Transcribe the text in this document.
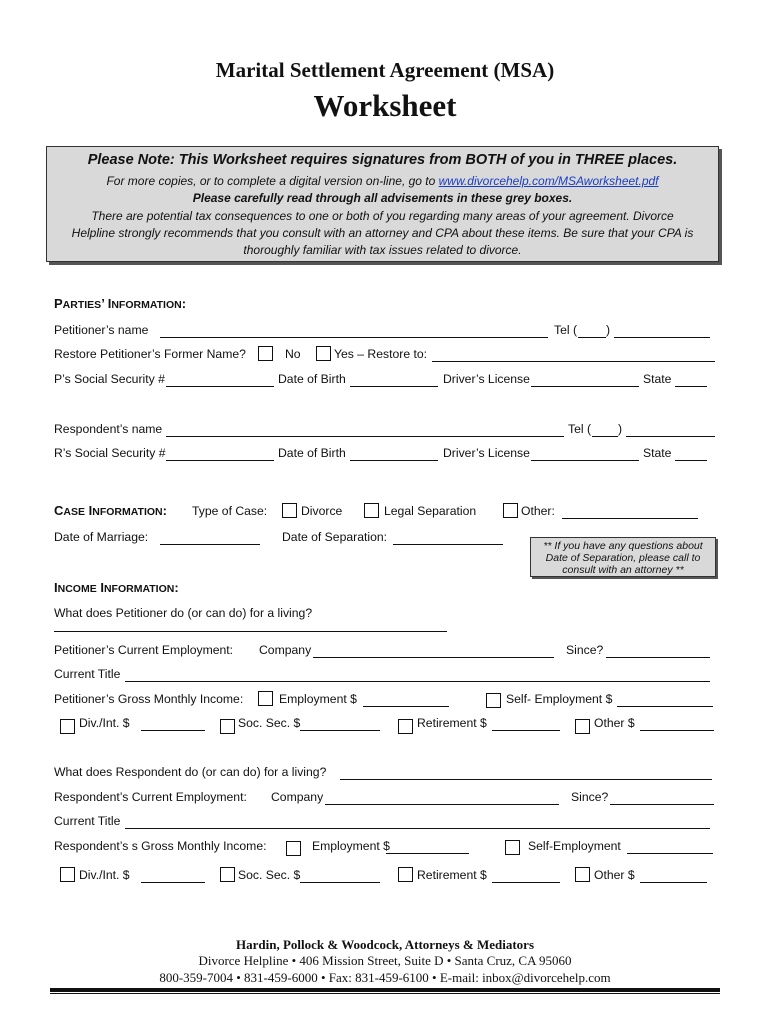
Marital Settlement Agreement (MSA)
Worksheet
Please Note: This Worksheet requires signatures from BOTH of you in THREE places.
For more copies, or to complete a digital version on-line, go to www.divorcehelp.com/MSAworksheet.pdf
Please carefully read through all advisements in these grey boxes.
There are potential tax consequences to one or both of you regarding many areas of your agreement. Divorce
Helpline strongly recommends that you consult with an attorney and CPA about these items. Be sure that your CPA is
thoroughly familiar with tax issues related to divorce.
PARTIES’ INFORMATION:
Petitioner’s name	Tel ( )
Restore Petitioner’s Former Name?	No	Yes – Restore to:
P’s Social Security #	Date of Birth	Driver’s License	State
Respondent’s name	Tel ( )
R’s Social Security #	Date of Birth	Driver’s License	State
CASE INFORMATION: Type of Case:	Divorce	Legal Separation	Other:
Date of Marriage:	Date of Separation:
** If you have any questions about Date of Separation, please call to consult with an attorney **
INCOME INFORMATION:
What does Petitioner do (or can do) for a living?
Petitioner’s Current Employment: Company	Since?
Current Title
Petitioner’s Gross Monthly Income:	Employment $	Self- Employment $
Div./Int. $	Soc. Sec. $	Retirement $	Other $
What does Respondent do (or can do) for a living?
Respondent’s Current Employment: Company	Since?
Current Title
Respondent’s s Gross Monthly Income:	Employment $	Self-Employment
Div./Int. $	Soc. Sec. $	Retirement $	Other $
Hardin, Pollock & Woodcock, Attorneys & Mediators
Divorce Helpline • 406 Mission Street, Suite D • Santa Cruz, CA 95060
800-359-7004 • 831-459-6000 • Fax: 831-459-6100 • E-mail: inbox@divorcehelp.com
